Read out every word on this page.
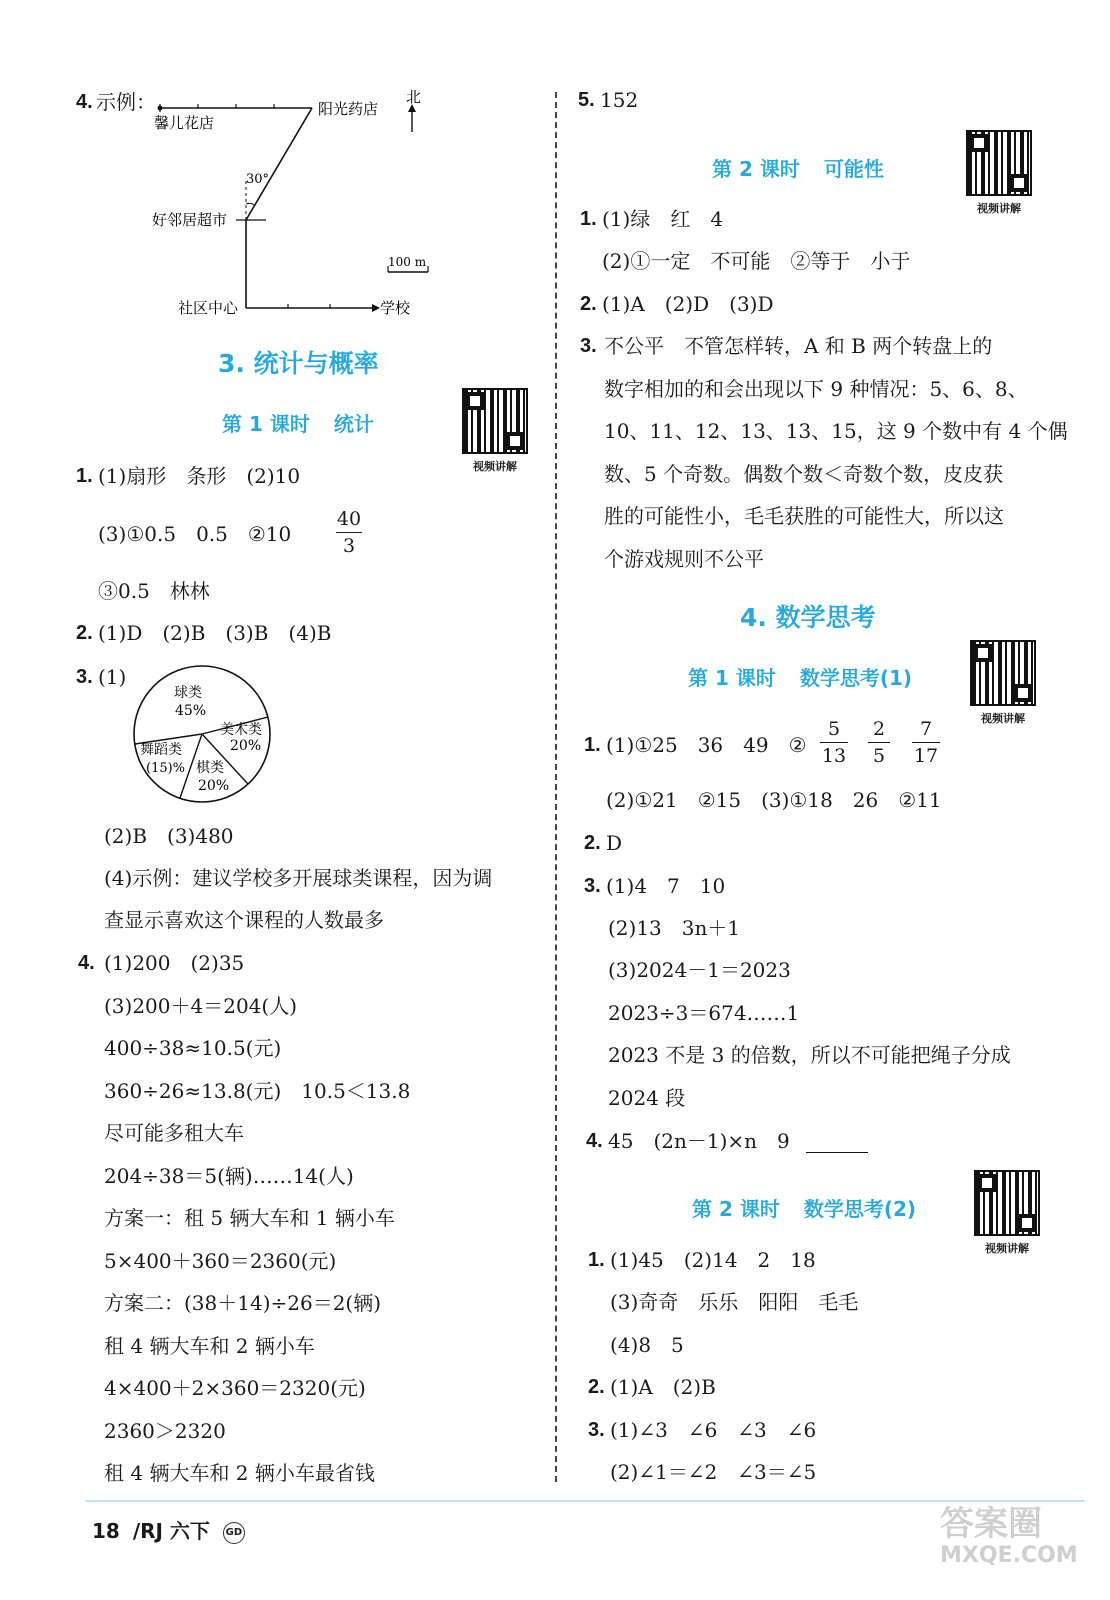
4. 示例：	北
馨儿花店
阳光药店
30°
好邻居超市
100 m
社区中心	学校
3. 统计与概率
第 1 课时 统计
视频讲解
1. (1)扇形　条形　(2)10
(3)①0.5　0.5　②10
40
3
③0.5　林林
2. (1)D　(2)B　(3)B　(4)B
3. (1)
球类
45%
美术类
20%
舞蹈类
(15)% 棋类
20%
(2)B　(3)480
(4)示例：建议学校多开展球类课程，因为调
查显示喜欢这个课程的人数最多
4. (1)200　(2)35
(3)200＋4＝204(人)
400÷38≈10.5(元)
360÷26≈13.8(元)　10.5＜13.8
尽可能多租大车
204÷38＝5(辆)……14(人)
方案一：租 5 辆大车和 1 辆小车
5×400＋360＝2360(元)
方案二：(38＋14)÷26＝2(辆)
租 4 辆大车和 2 辆小车
4×400＋2×360＝2320(元)
2360＞2320
租 4 辆大车和 2 辆小车最省钱
5. 152
第 2 课时 可能性
视频讲解
1. (1)绿　红　4
(2)①一定　不可能　②等于　小于
2. (1)A　(2)D　(3)D
3. 不公平　不管怎样转，A 和 B 两个转盘上的
数字相加的和会出现以下 9 种情况：5、6、8、
10、11、12、13、13、15，这 9 个数中有 4 个偶
数、5 个奇数。偶数个数＜奇数个数，皮皮获
胜的可能性小，毛毛获胜的可能性大，所以这
个游戏规则不公平
4. 数学思考
第 1 课时 数学思考(1)
视频讲解
1. (1)①25　36　49　②
5
13
2
5
7
17
(2)①21　②15　(3)①18　26　②11
2. D
3. (1)4　7　10
(2)13　3n＋1
(3)2024－1＝2023
2023÷3＝674……1
2023 不是 3 的倍数，所以不可能把绳子分成
2024 段
4. 45　(2n－1)×n　9
第 2 课时 数学思考(2)
视频讲解
1. (1)45　(2)14　2　18
(3)奇奇　乐乐　阳阳　毛毛
(4)8　5
2. (1)A　(2)B
3. (1)∠3　∠6　∠3　∠6
(2)∠1＝∠2　∠3＝∠5
18 /RJ 六下 GD	答案圈
MXQE.COM
